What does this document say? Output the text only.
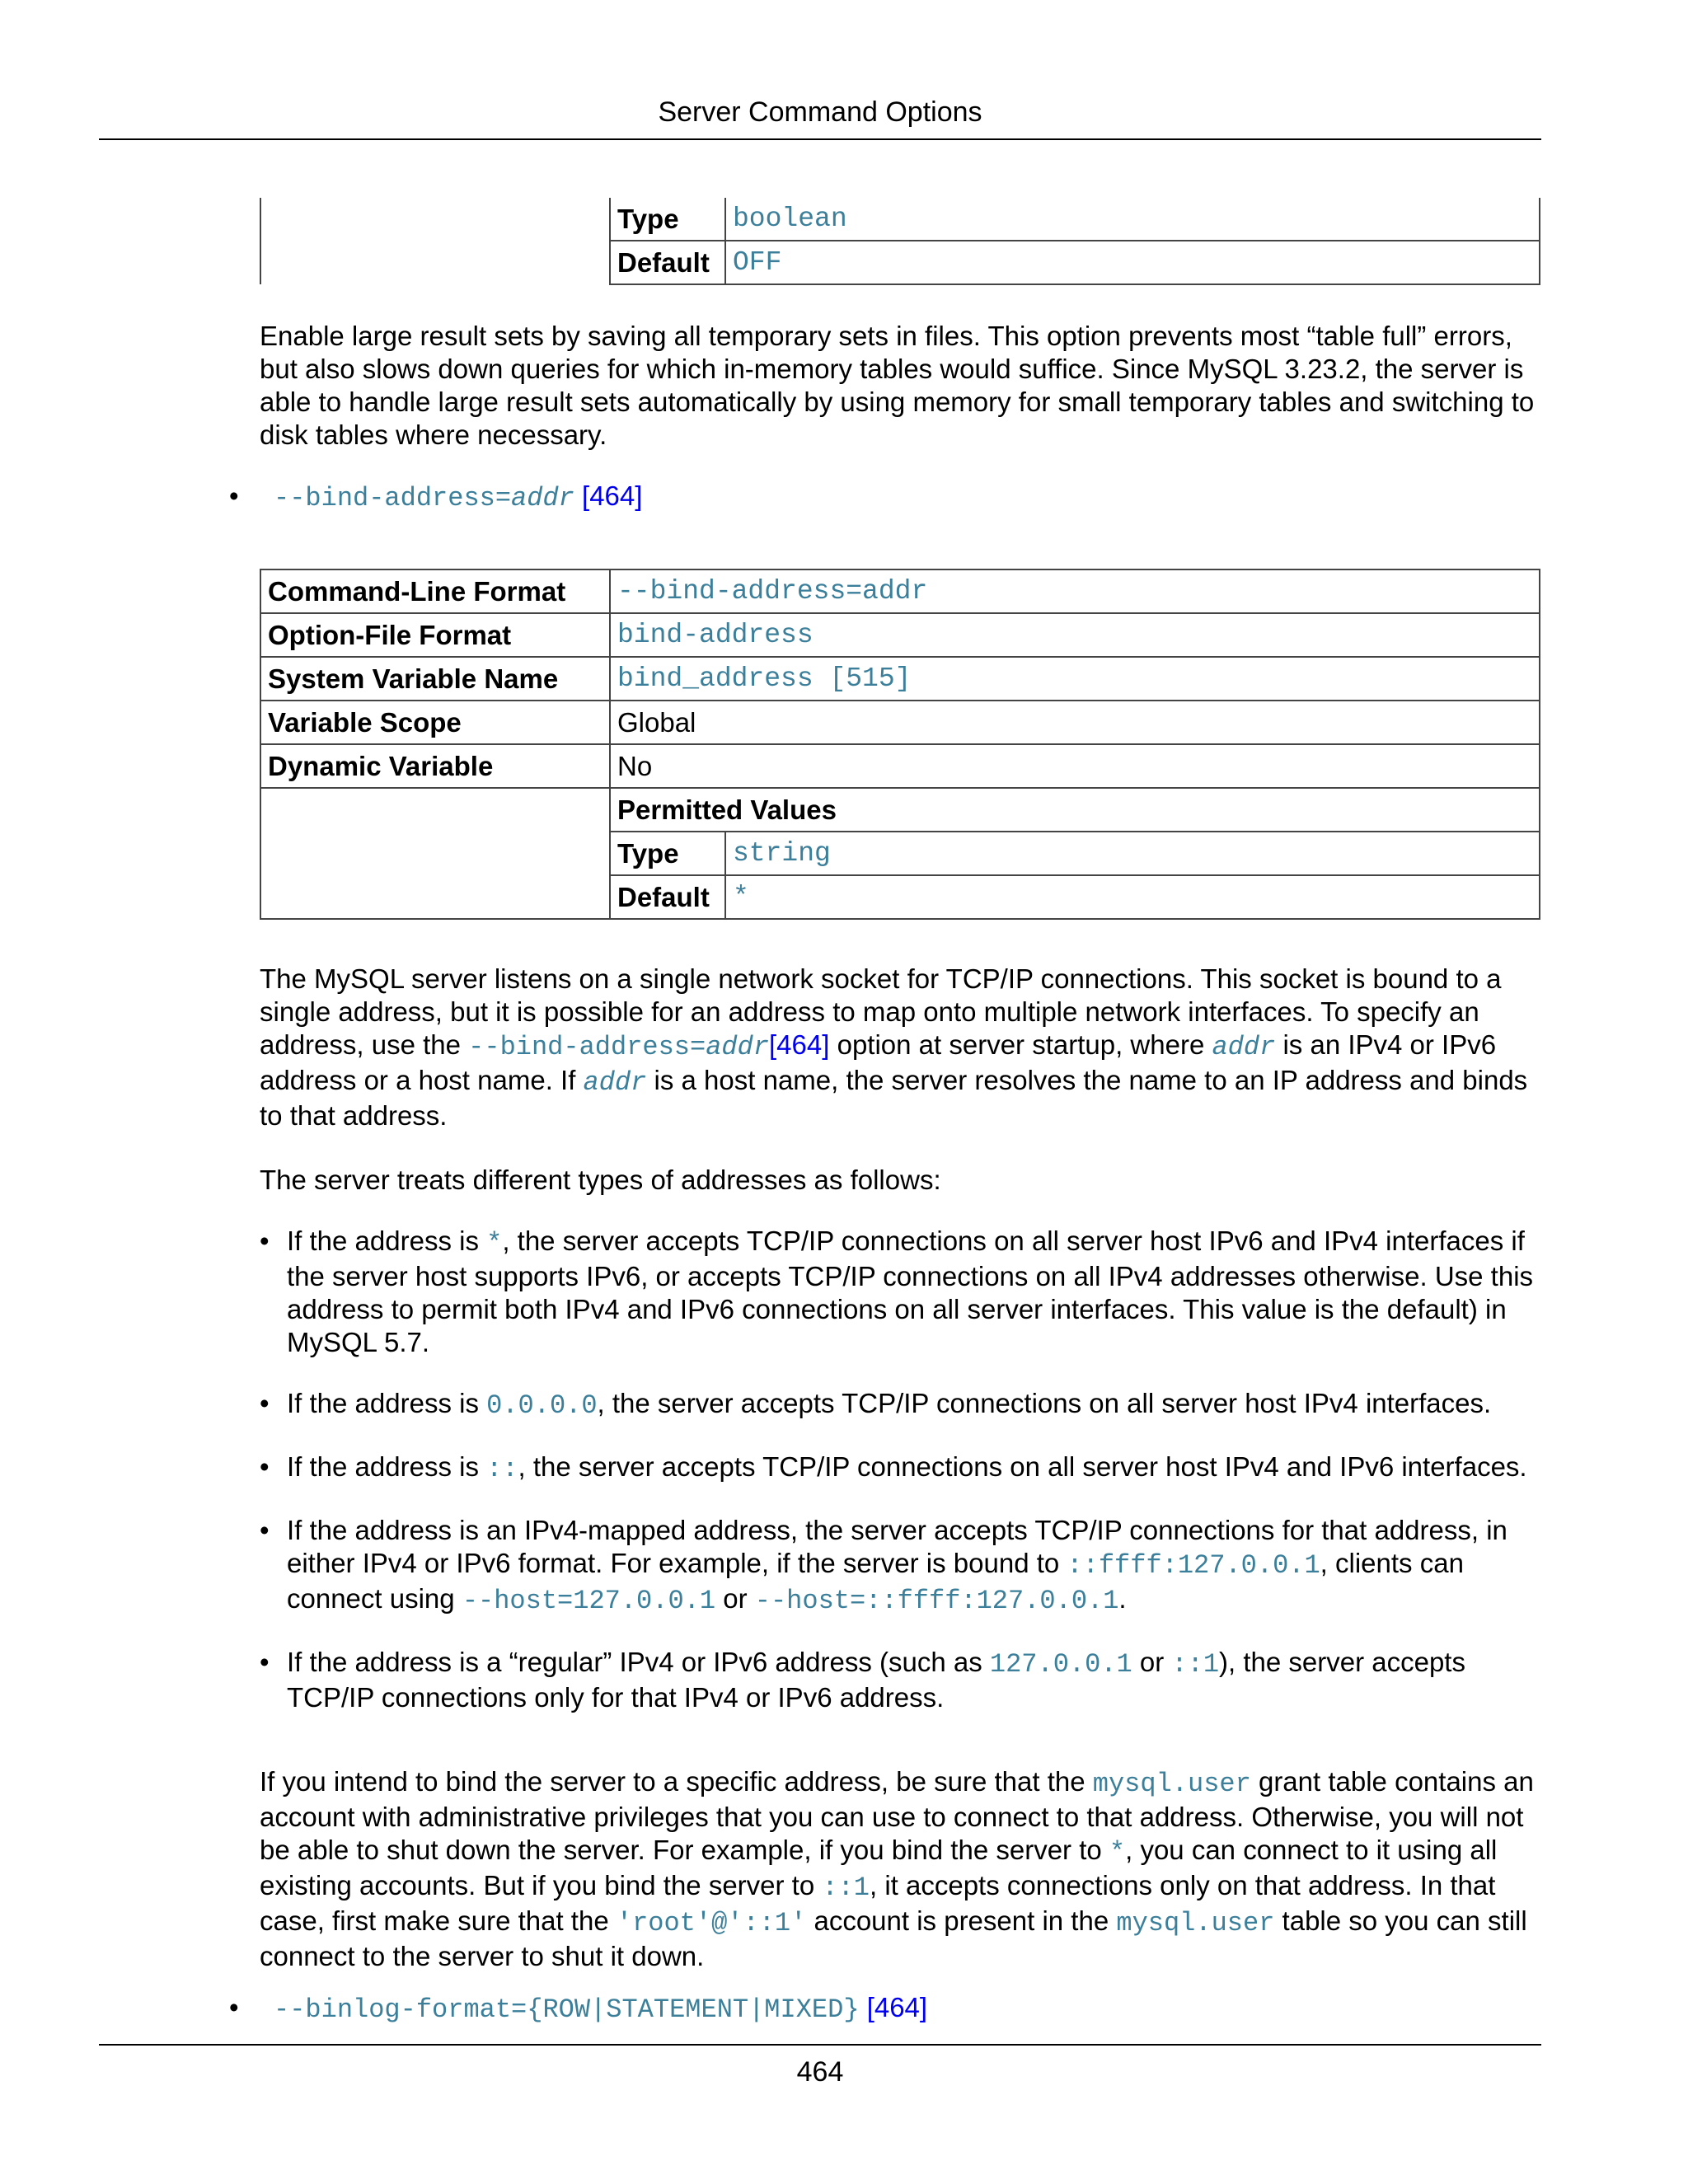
Server Command Options
	Type	boolean
	Default	OFF

Enable large result sets by saving all temporary sets in files. This option prevents most “table full” errors, but also slows down queries for which in-memory tables would suffice. Since MySQL 3.23.2, the server is able to handle large result sets automatically by using memory for small temporary tables and switching to disk tables where necessary.

• --bind-address=addr [464]
Command-Line Format	--bind-address=addr	
Option-File Format	bind-address	
System Variable Name	bind_address [515]	
Variable Scope	Global	
Dynamic Variable	No	
	Permitted Values	
	Type	string
	Default	*

The MySQL server listens on a single network socket for TCP/IP connections. This socket is bound to a single address, but it is possible for an address to map onto multiple network interfaces. To specify an address, use the --bind-address=addr[464] option at server startup, where addr is an IPv4 or IPv6 address or a host name. If addr is a host name, the server resolves the name to an IP address and binds to that address.

The server treats different types of addresses as follows:

• If the address is *, the server accepts TCP/IP connections on all server host IPv6 and IPv4 interfaces if the server host supports IPv6, or accepts TCP/IP connections on all IPv4 addresses otherwise. Use this address to permit both IPv4 and IPv6 connections on all server interfaces. This value is the default) in MySQL 5.7.
• If the address is 0.0.0.0, the server accepts TCP/IP connections on all server host IPv4 interfaces.
• If the address is ::, the server accepts TCP/IP connections on all server host IPv4 and IPv6 interfaces.
• If the address is an IPv4-mapped address, the server accepts TCP/IP connections for that address, in either IPv4 or IPv6 format. For example, if the server is bound to ::ffff:127.0.0.1, clients can connect using --host=127.0.0.1 or --host=::ffff:127.0.0.1.
• If the address is a “regular” IPv4 or IPv6 address (such as 127.0.0.1 or ::1), the server accepts TCP/IP connections only for that IPv4 or IPv6 address.

If you intend to bind the server to a specific address, be sure that the mysql.user grant table contains an account with administrative privileges that you can use to connect to that address. Otherwise, you will not be able to shut down the server. For example, if you bind the server to *, you can connect to it using all existing accounts. But if you bind the server to ::1, it accepts connections only on that address. In that case, first make sure that the 'root'@'::1' account is present in the mysql.user table so you can still connect to the server to shut it down.

• --binlog-format={ROW|STATEMENT|MIXED} [464]
464
